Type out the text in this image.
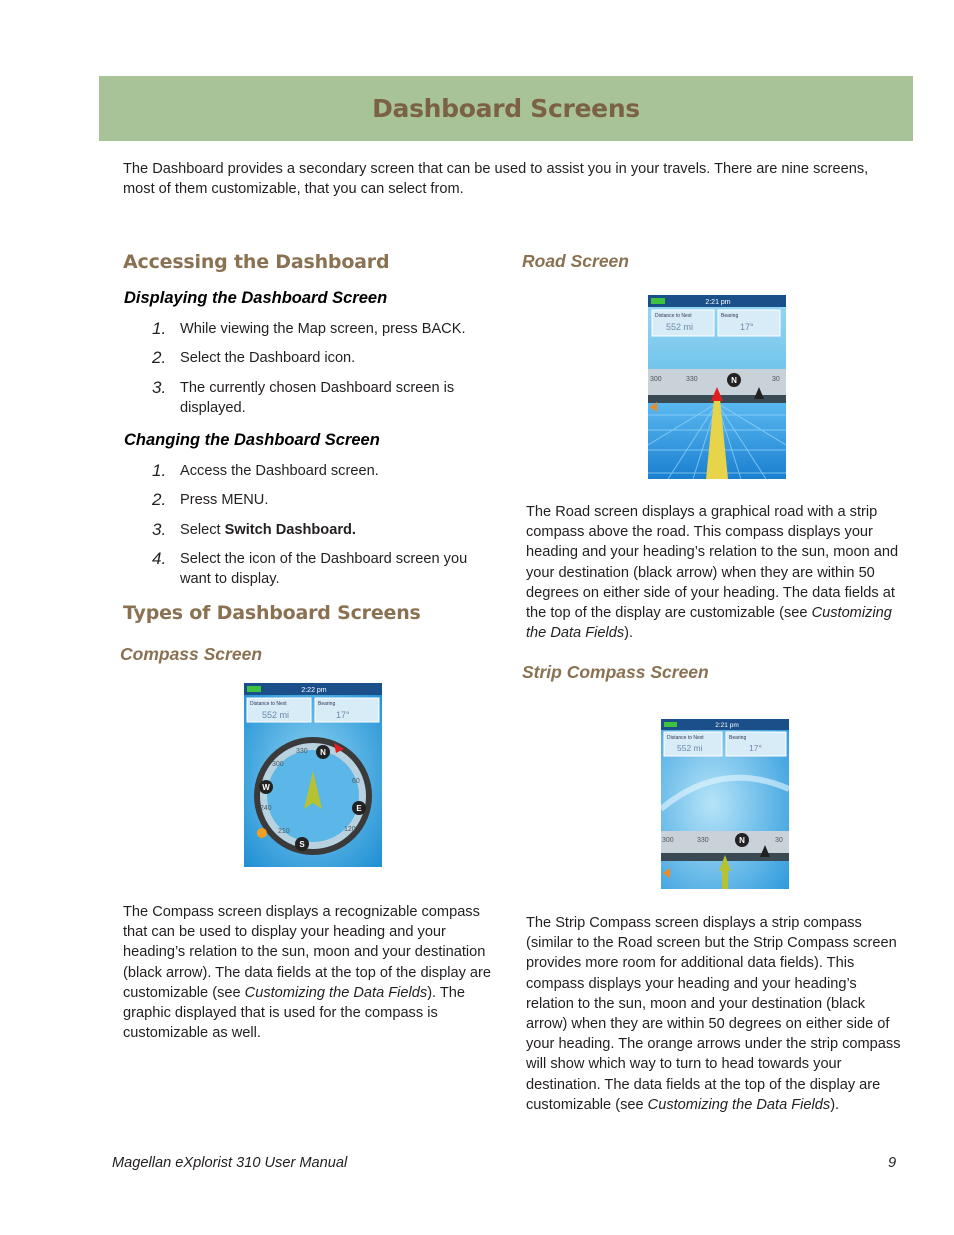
Dashboard Screens
The Dashboard provides a secondary screen that can be used to assist you in your travels. There are nine screens, most of them customizable, that you can select from.
Accessing the Dashboard
Displaying the Dashboard Screen
1. While viewing the Map screen, press BACK.
2. Select the Dashboard icon.
3. The currently chosen Dashboard screen is displayed.
Changing the Dashboard Screen
1. Access the Dashboard screen.
2. Press MENU.
3. Select Switch Dashboard.
4. Select the icon of the Dashboard screen you want to display.
Types of Dashboard Screens
Compass Screen
2:22 pm
Distance to Next
552 mi
Bearing
17°
N
E
S
W
330
300
60
120
240
210
The Compass screen displays a recognizable compass that can be used to display your heading and your heading’s relation to the sun, moon and your destination (black arrow). The data fields at the top of the display are customizable (see Customizing the Data Fields). The graphic displayed that is used for the compass is customizable as well.
Road Screen
2:21 pm
Distance to Next
552 mi
Bearing
17°
300	330	N	30
The Road screen displays a graphical road with a strip compass above the road. This compass displays your heading and your heading’s relation to the sun, moon and your destination (black arrow) when they are within 50 degrees on either side of your heading. The data fields at the top of the display are customizable (see Customizing the Data Fields).
Strip Compass Screen
2:21 pm
Distance to Next
552 mi
Bearing
17°
300	330	N	30
The Strip Compass screen displays a strip compass (similar to the Road screen but the Strip Compass screen provides more room for additional data fields). This compass displays your heading and your heading’s relation to the sun, moon and your destination (black arrow) when they are within 50 degrees on either side of your heading. The orange arrows under the strip compass will show which way to turn to head towards your destination. The data fields at the top of the display are customizable (see Customizing the Data Fields).
Magellan eXplorist 310 User Manual	9
